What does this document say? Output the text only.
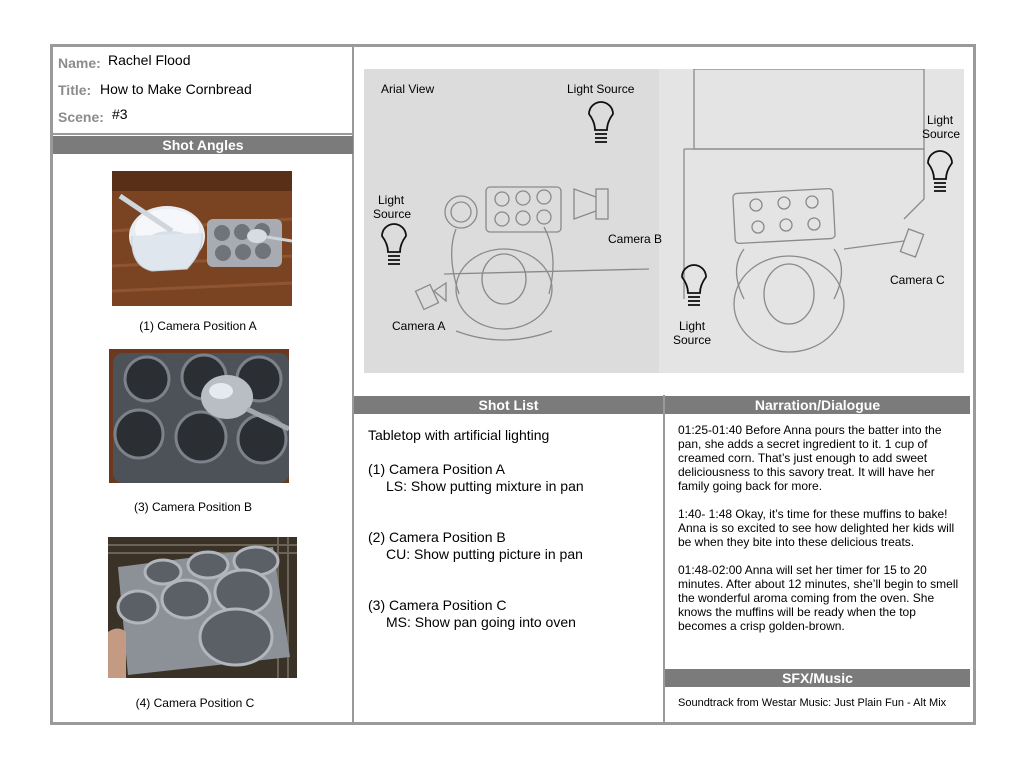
Name: Rachel Flood
Title: How to Make Cornbread
Scene: #3
Shot Angles
(1) Camera Position A
(3) Camera Position B
(4) Camera Position C
Arial View	Light Source
Light
Source
Light
Source
Camera B
Camera C
Camera A	Light
Source
Shot List
Tabletop with artificial lighting
(1) Camera Position A
LS: Show putting mixture in pan
(2) Camera Position B
CU: Show putting picture in pan
(3) Camera Position C
MS: Show pan going into oven
Narration/Dialogue
01:25-01:40 Before Anna pours the batter into the
pan, she adds a secret ingredient to it. 1 cup of
creamed corn. That’s just enough to add sweet
deliciousness to this savory treat. It will have her
family going back for more.
1:40- 1:48 Okay, it’s time for these muffins to bake!
Anna is so excited to see how delighted her kids will
be when they bite into these delicious treats.
01:48-02:00 Anna will set her timer for 15 to 20
minutes. After about 12 minutes, she’ll begin to smell
the wonderful aroma coming from the oven. She
knows the muffins will be ready when the top
becomes a crisp golden-brown.
SFX/Music
Soundtrack from Westar Music: Just Plain Fun - Alt Mix
